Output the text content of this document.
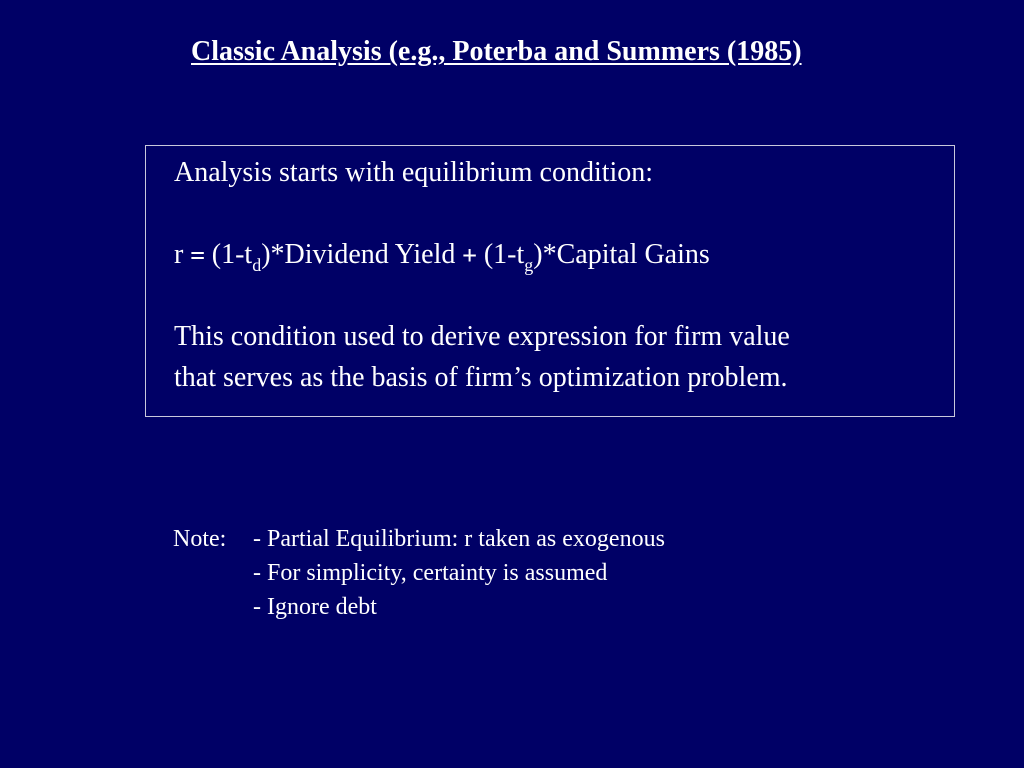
Classic Analysis (e.g., Poterba and Summers (1985)
Analysis starts with equilibrium condition:
$r = (1-t_d)*Dividend$ Yield + $(1-t_g)*Capital$ Gains
This condition used to derive expression for firm value
that serves as the basis of firm’s optimization problem.
Note:	- Partial Equilibrium: r taken as exogenous
- For simplicity, certainty is assumed
- Ignore debt
